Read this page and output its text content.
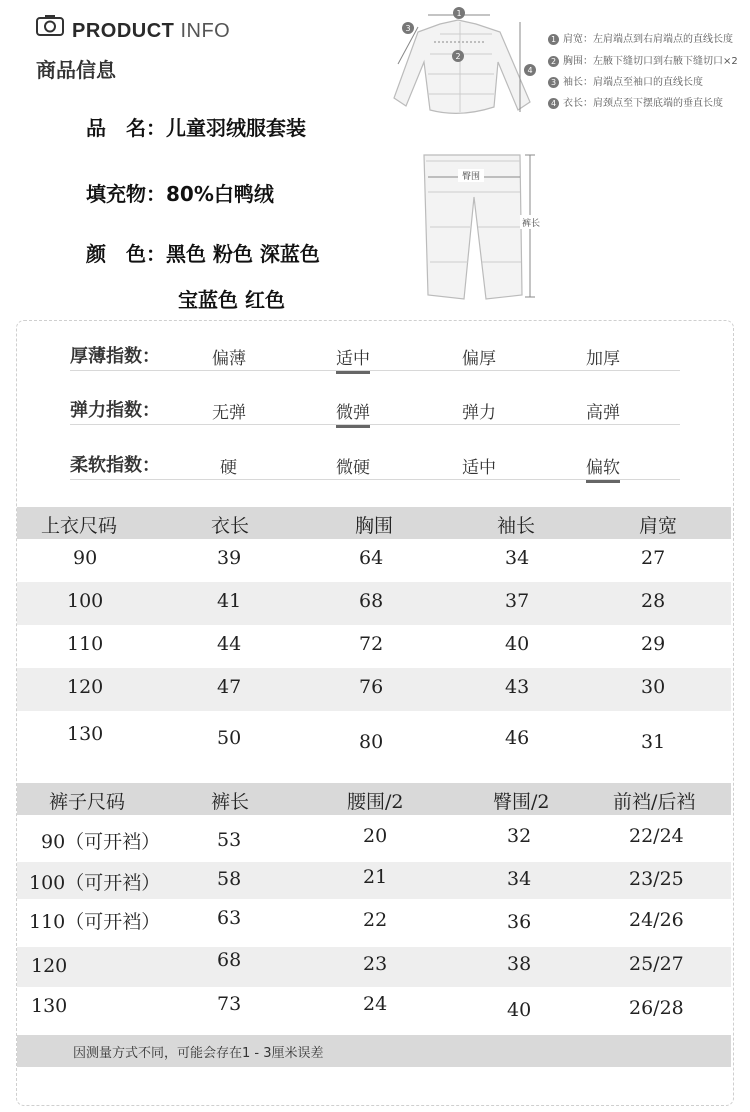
PRODUCT INFO
商品信息
品　名：儿童羽绒服套装
填充物：80%白鸭绒
颜　色：黑色 粉色 深蓝色
宝蓝色 红色
1
2
3
4
1 肩宽：左肩端点到右肩端点的直线长度
2 胸围：左腋下缝切口到右腋下缝切口×2
3 袖长：肩端点至袖口的直线长度
4 衣长：肩颈点至下摆底端的垂直长度
臀围
裤长
厚薄指数：	偏薄	适中	偏厚	加厚
弹力指数：	无弹	微弹	弹力	高弹
柔软指数：	硬	微硬	适中	偏软
上衣尺码	衣长	胸围	袖长	肩宽
90	39	64	34	27
100	41	68	37	28
110	44	72	40	29
120	47	76	43	30
130	50	80	46	31
裤子尺码	裤长	腰围/2	臀围/2	前裆/后裆
90（可开裆）	53	20	32	22/24
100（可开裆）	58	21	34	23/25
110（可开裆）	63	22	36	24/26
120	68	23	38	25/27
130	73	24	40	26/28
因测量方式不同，可能会存在1 - 3厘米误差
